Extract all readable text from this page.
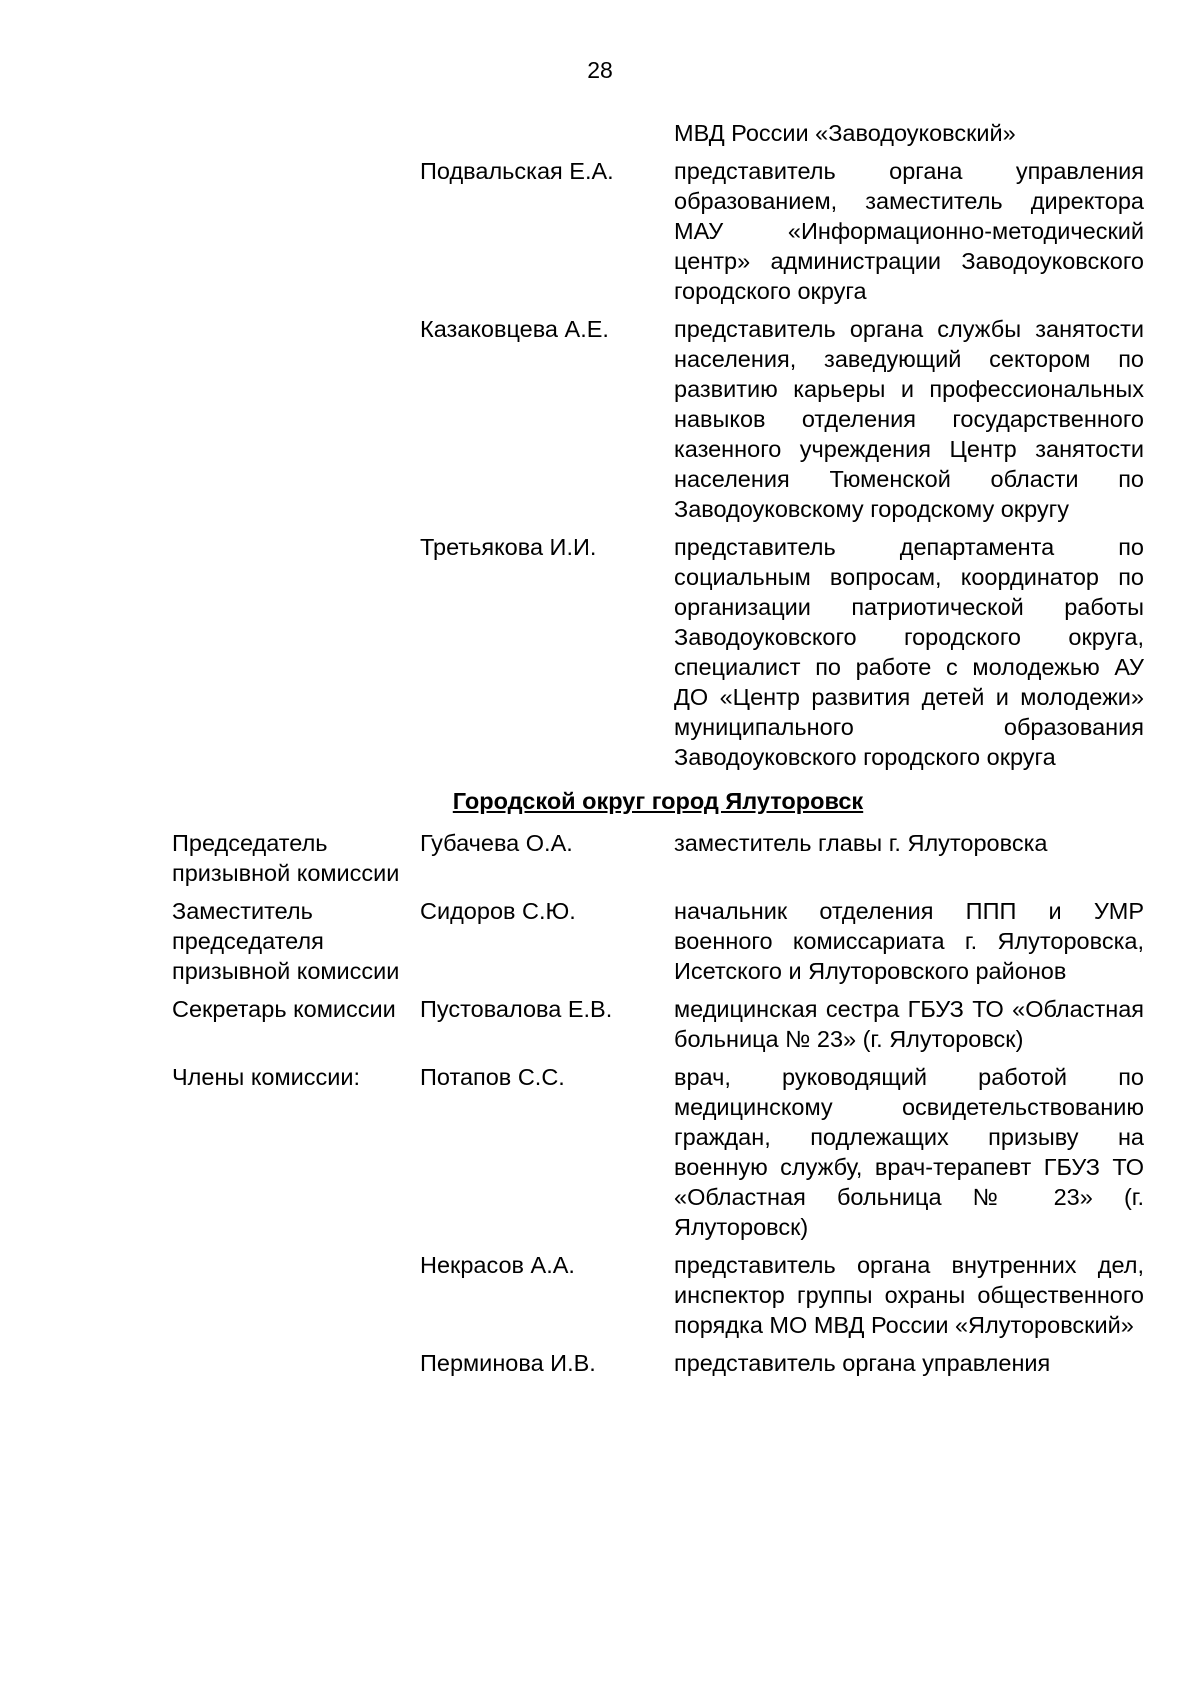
28
		МВД России «Заводоуковский»
	Подвальская Е.А.	представитель органа управления образованием, заместитель директора МАУ «Информационно-методический центр» администрации Заводоуковского городского округа
	Казаковцева А.Е.	представитель органа службы занятости населения, заведующий сектором по развитию карьеры и профессиональных навыков отделения государственного казенного учреждения Центр занятости населения Тюменской области по Заводоуковскому городскому округу
	Третьякова И.И.	представитель департамента по социальным вопросам, координатор по организации патриотической работы Заводоуковского городского округа, специалист по работе с молодежью АУ ДО «Центр развития детей и молодежи» муниципального образования Заводоуковского городского округа
Городской округ город Ялуторовск		
Председатель призывной комиссии	Губачева О.А.	заместитель главы г. Ялуторовска
Заместитель председателя призывной комиссии	Сидоров С.Ю.	начальник отделения ППП и УМР военного комиссариата г. Ялуторовска, Исетского и Ялуторовского районов
Секретарь комиссии	Пустовалова Е.В.	медицинская сестра ГБУЗ ТО «Областная больница № 23» (г. Ялуторовск)
Члены комиссии:	Потапов С.С.	врач, руководящий работой по медицинскому освидетельствованию граждан, подлежащих призыву на военную службу, врач-терапевт ГБУЗ ТО «Областная больница № 23» (г. Ялуторовск)
	Некрасов А.А.	представитель органа внутренних дел, инспектор группы охраны общественного порядка МО МВД России «Ялуторовский»
	Перминова И.В.	представитель органа управления
